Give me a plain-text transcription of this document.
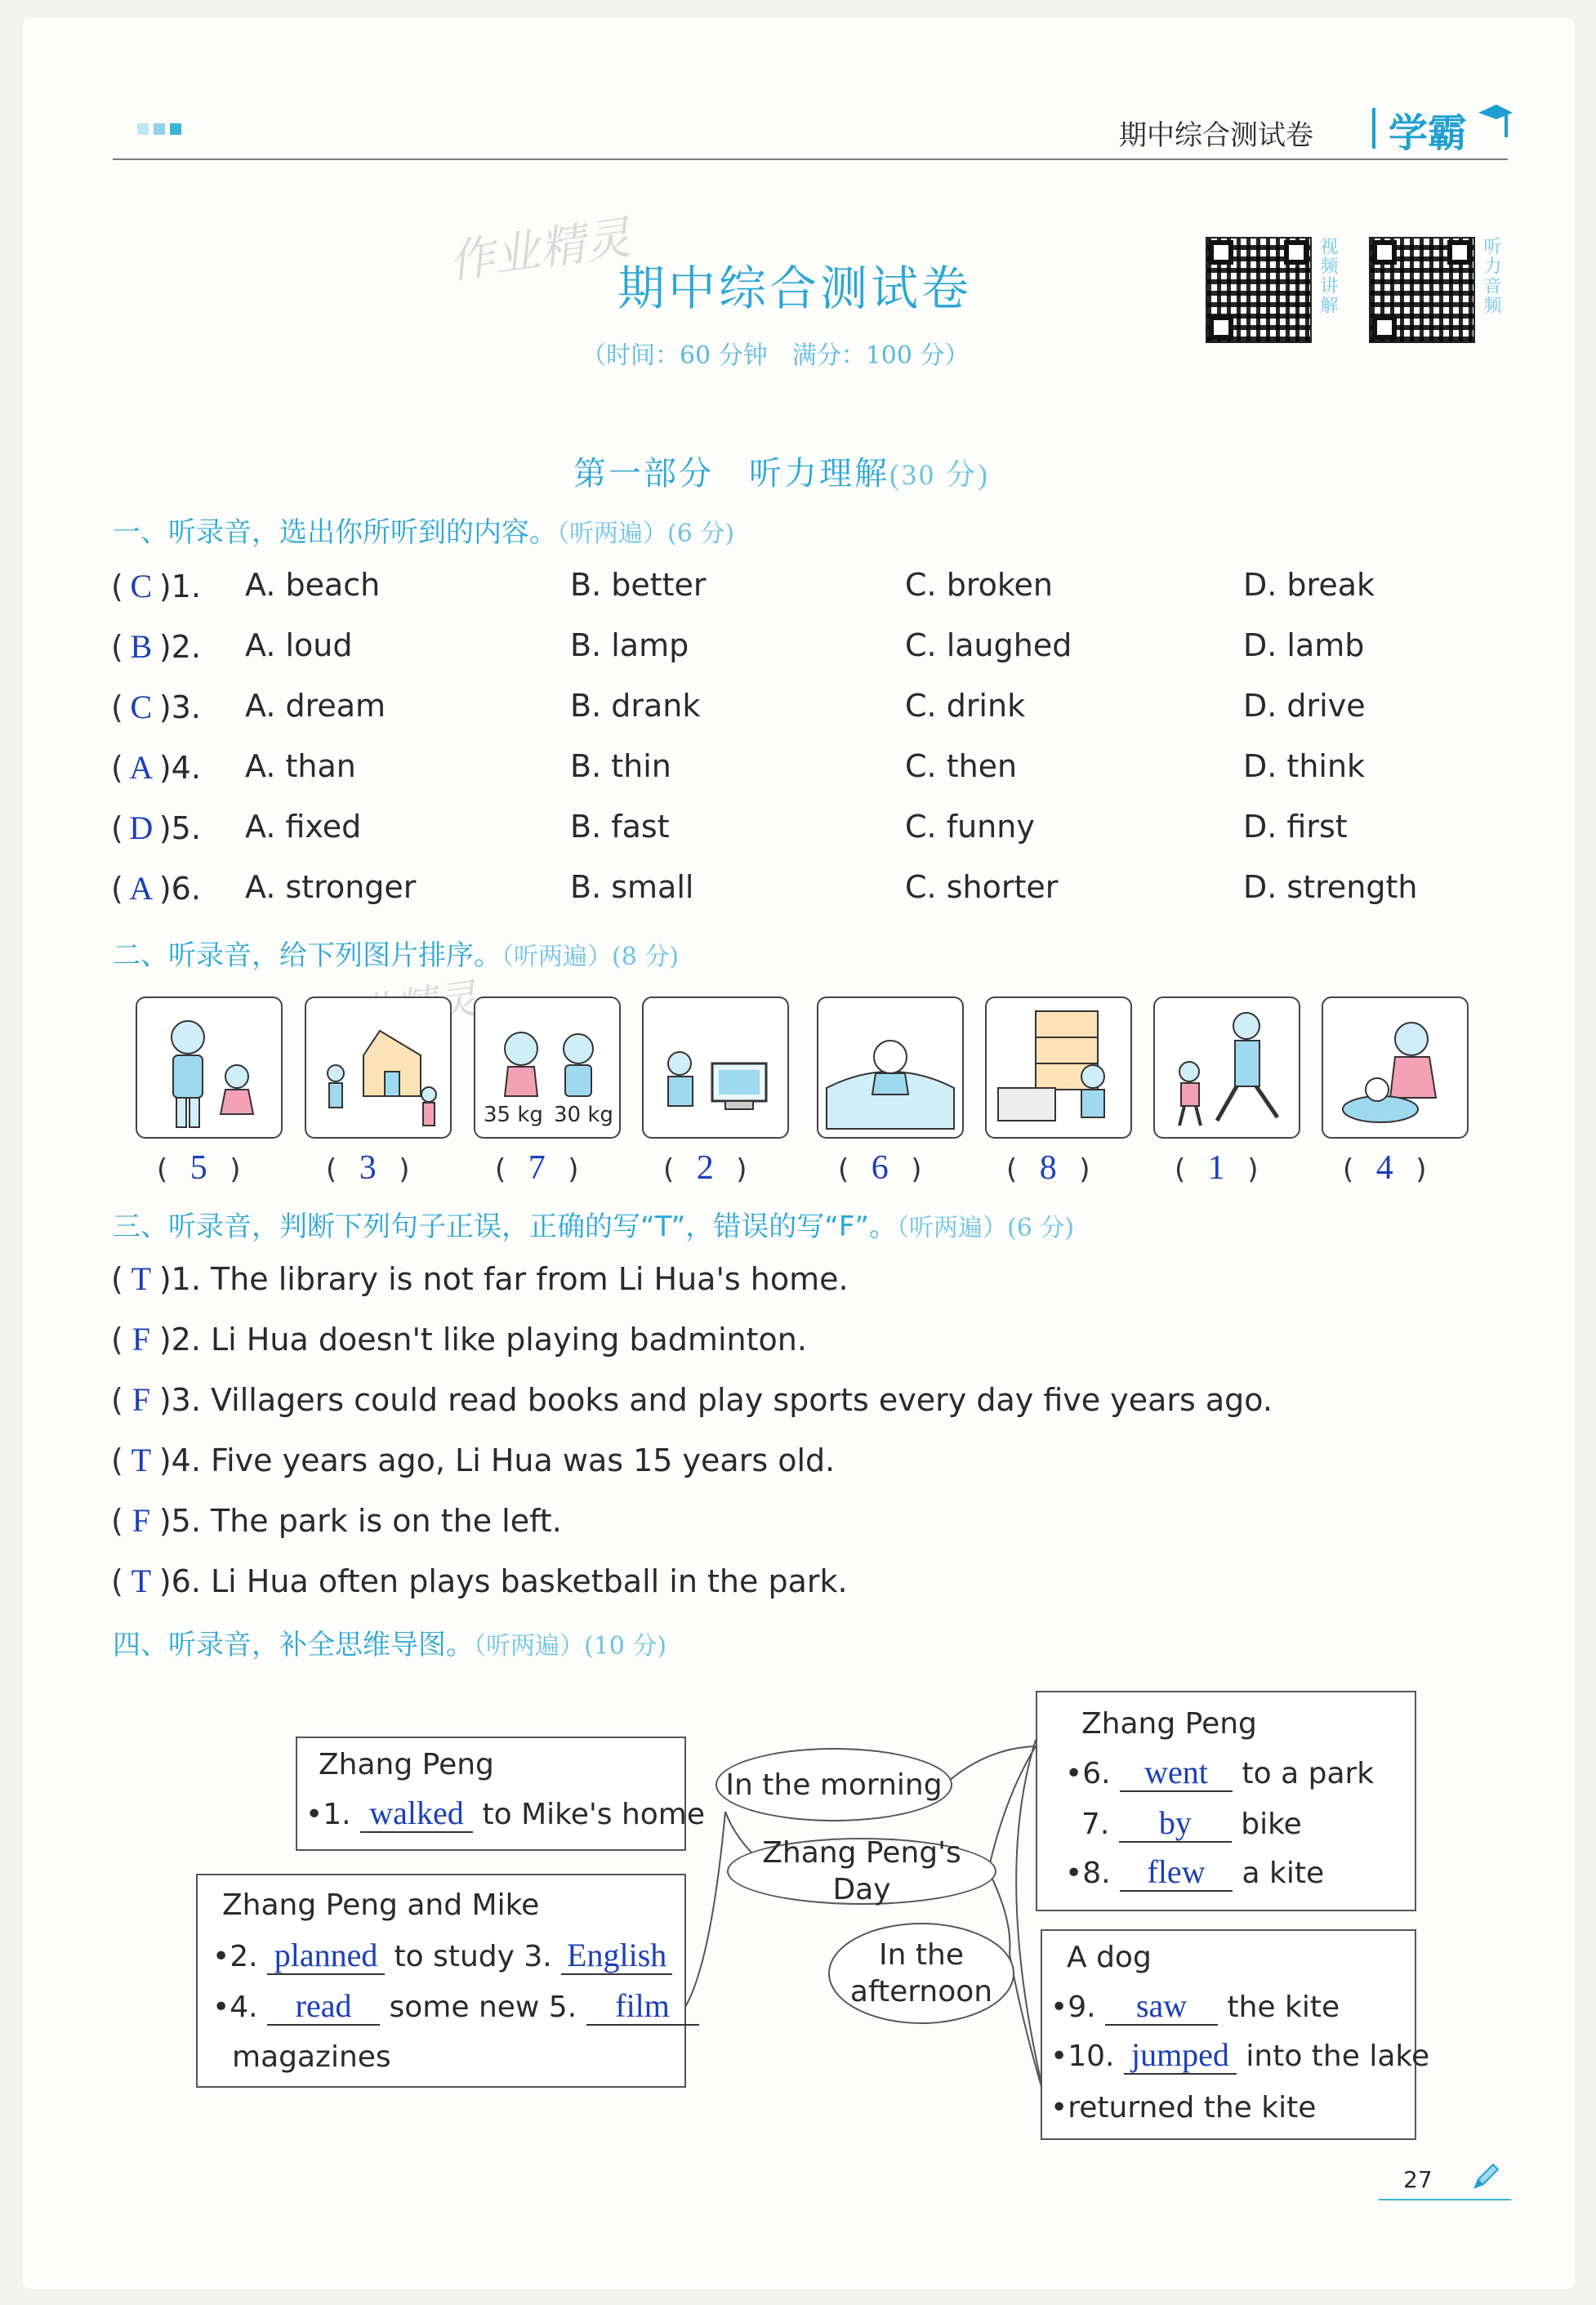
期中综合测试卷 学霸
作业精灵
期中综合测试卷
（时间：60 分钟　满分：100 分）
视频讲解	听力音频
第一部分　听力理解(30 分)
一、听录音，选出你所听到的内容。（听两遍）(6 分)
( C )1. A. beach	B. better	C. broken	D. break
( B )2. A. loud	B. lamp	C. laughed	D. lamb
( C )3. A. dream	B. drank	C. drink	D. drive
( A )4. A. than	B. thin	C. then	D. think
( D )5. A. fixed	B. fast	C. funny	D. first
( A )6. A. stronger	B. small	C. shorter	D. strength
二、听录音，给下列图片排序。（听两遍）(8 分)
35 kg 30 kg
( 5 )	( 3 )	( 7 )	( 2 )	( 6 )	( 8 )	( 1 )	( 4 )
三、听录音，判断下列句子正误，正确的写“T”，错误的写“F”。（听两遍）(6 分)
( T )1. The library is not far from Li Hua's home.
( F )2. Li Hua doesn't like playing badminton.
( F )3. Villagers could read books and play sports every day five years ago.
( T )4. Five years ago, Li Hua was 15 years old.
( F )5. The park is on the left.
( T )6. Li Hua often plays basketball in the park.
四、听录音，补全思维导图。（听两遍）(10 分)
Zhang Peng
•1. walked to Mike's home
Zhang Peng and Mike
•2. planned to study 3. English
•4. read some new 5. film
magazines
In the morning
Zhang Peng's Day
In the
afternoon
Zhang Peng
•6. went to a park
7. by bike
•8. flew a kite
A dog
•9. saw the kite
•10. jumped into the lake
•returned the kite
27
